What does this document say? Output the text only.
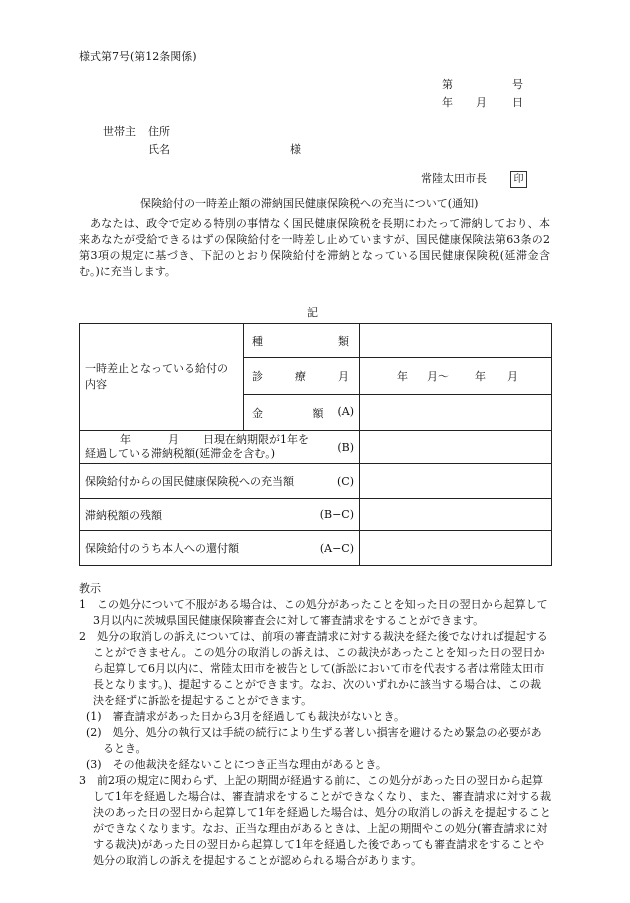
様式第7号(第12条関係)
第	号
年 月 日
世帯主 住所
氏名	様
常陸太田市長	印
保険給付の一時差止額の滞納国民健康保険税への充当について(通知)
あなたは、政令で定める特別の事情なく国民健康保険税を長期にわたって滞納しており、本来あなたが受給できるはずの保険給付を一時差し止めていますが、国民健康保険法第63条の2第3項の規定に基づき、下記のとおり保険給付を滞納となっている国民健康保険税(延滞金含む。)に充当します。
記
一時差止となっている給付の内容	種 類	

	診 療 月	年 月〜 年 月

	金 額 (A)	

年 月 日現在納期限が1年を
経過している滞納税額(延滞金を含む。) (B)		

保険給付からの国民健康保険税への充当額 (C)		

滞納税額の残額 (B−C)		

保険給付のうち本人への還付額 (A−C)		

教示

1　この処分について不服がある場合は、この処分があったことを知った日の翌日から起算して3月以内に茨城県国民健康保険審査会に対して審査請求をすることができます。

2　処分の取消しの訴えについては、前項の審査請求に対する裁決を経た後でなければ提起することができません。この処分の取消しの訴えは、この裁決があったことを知った日の翌日から起算して6月以内に、常陸太田市を被告として(訴訟において市を代表する者は常陸太田市長となります。)、提起することができます。なお、次のいずれかに該当する場合は、この裁決を経ずに訴訟を提起することができます。

(1)　審査請求があった日から3月を経過しても裁決がないとき。

(2)　処分、処分の執行又は手続の続行により生ずる著しい損害を避けるため緊急の必要があるとき。

(3)　その他裁決を経ないことにつき正当な理由があるとき。

3　前2項の規定に関わらず、上記の期間が経過する前に、この処分があった日の翌日から起算して1年を経過した場合は、審査請求をすることができなくなり、また、審査請求に対する裁決のあった日の翌日から起算して1年を経過した場合は、処分の取消しの訴えを提起することができなくなります。なお、正当な理由があるときは、上記の期間やこの処分(審査請求に対する裁決)があった日の翌日から起算して1年を経過した後であっても審査請求をすることや処分の取消しの訴えを提起することが認められる場合があります。
